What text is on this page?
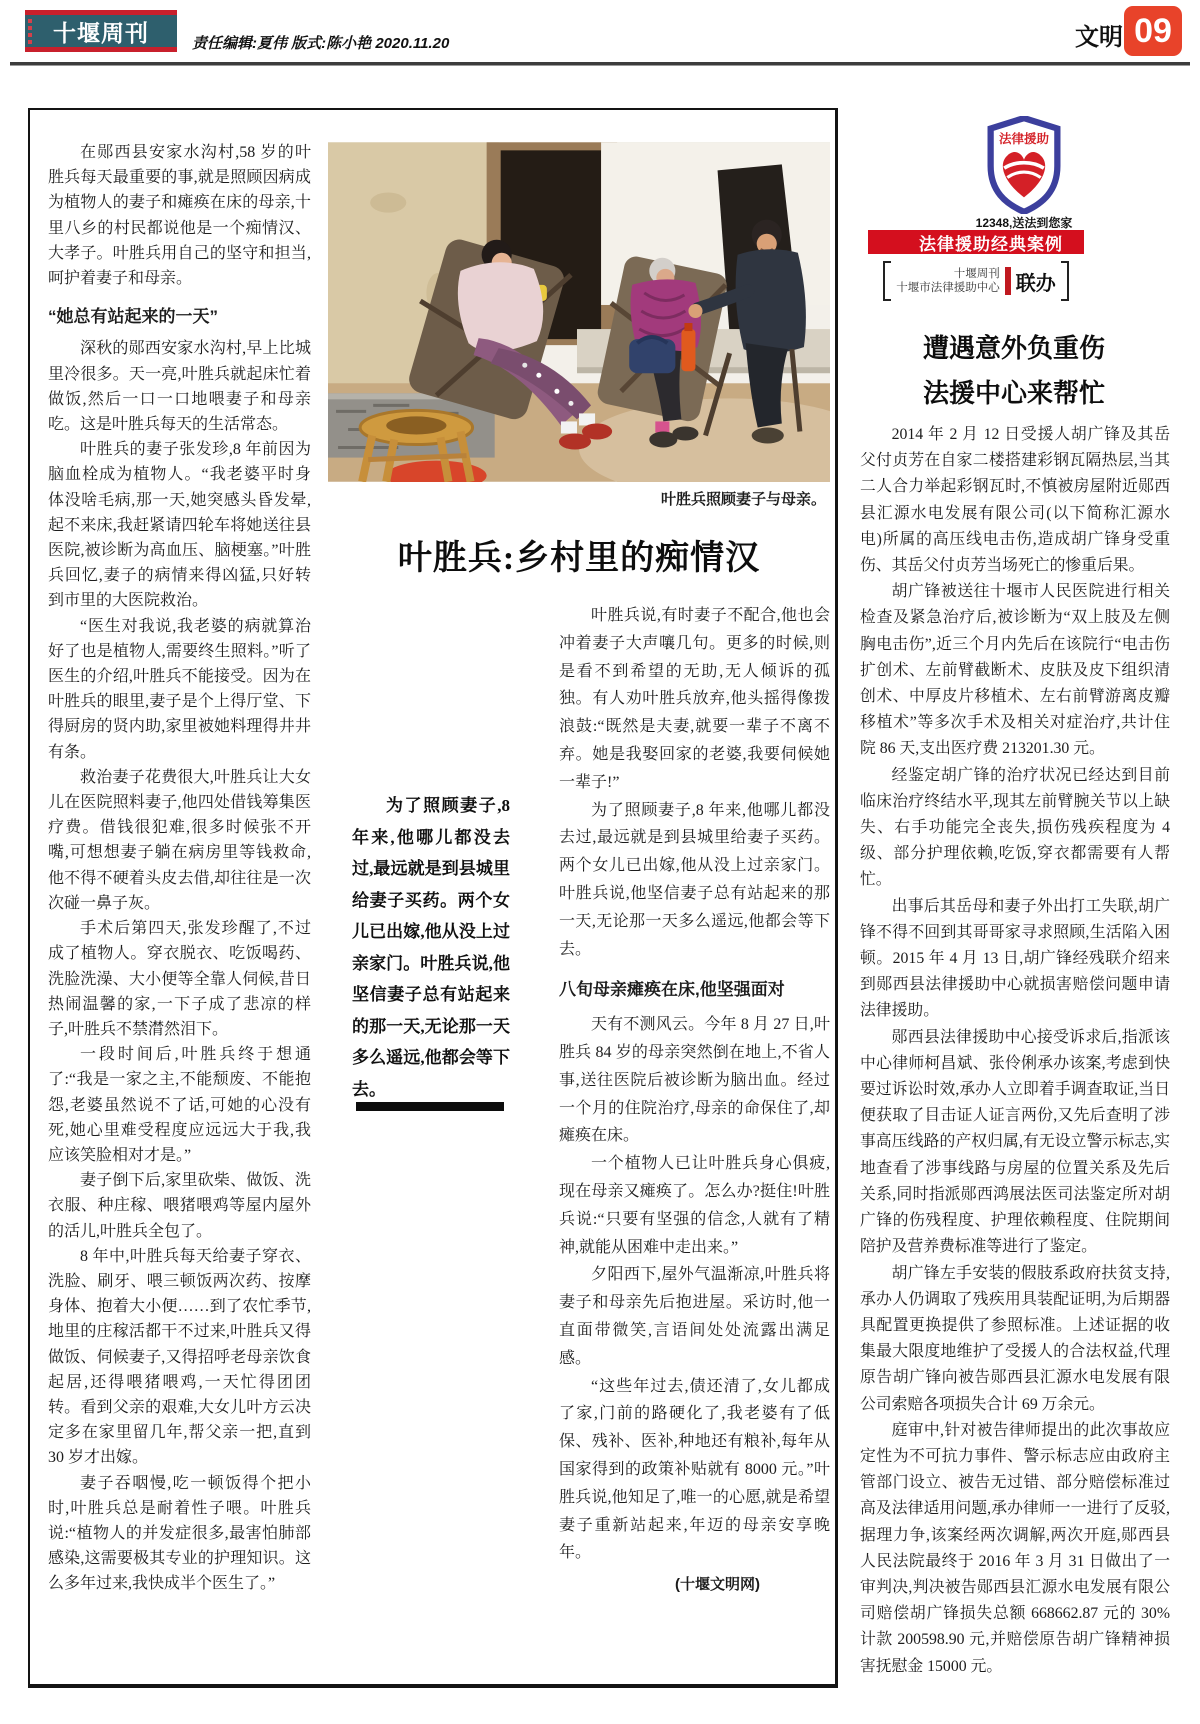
十堰周刊	责任编辑:夏伟 版式:陈小艳 2020.11.20	文明 09

在郧西县安家水沟村,58 岁的叶胜兵每天最重要的事,就是照顾因病成为植物人的妻子和瘫痪在床的母亲,十里八乡的村民都说他是一个痴情汉、大孝子。叶胜兵用自己的坚守和担当,呵护着妻子和母亲。

“她总有站起来的一天”

深秋的郧西安家水沟村,早上比城里冷很多。天一亮,叶胜兵就起床忙着做饭,然后一口一口地喂妻子和母亲吃。这是叶胜兵每天的生活常态。

叶胜兵的妻子张发珍,8 年前因为脑血栓成为植物人。“我老婆平时身体没啥毛病,那一天,她突感头昏发晕,起不来床,我赶紧请四轮车将她送往县医院,被诊断为高血压、脑梗塞。”叶胜兵回忆,妻子的病情来得凶猛,只好转到市里的大医院救治。

“医生对我说,我老婆的病就算治好了也是植物人,需要终生照料。”听了医生的介绍,叶胜兵不能接受。因为在叶胜兵的眼里,妻子是个上得厅堂、下得厨房的贤内助,家里被她料理得井井有条。

救治妻子花费很大,叶胜兵让大女儿在医院照料妻子,他四处借钱筹集医疗费。借钱很犯难,很多时候张不开嘴,可想想妻子躺在病房里等钱救命,他不得不硬着头皮去借,却往往是一次次碰一鼻子灰。

手术后第四天,张发珍醒了,不过成了植物人。穿衣脱衣、吃饭喝药、洗脸洗澡、大小便等全靠人伺候,昔日热闹温馨的家,一下子成了悲凉的样子,叶胜兵不禁潸然泪下。

一段时间后,叶胜兵终于想通了:“我是一家之主,不能颓废、不能抱怨,老婆虽然说不了话,可她的心没有死,她心里难受程度应远远大于我,我应该笑脸相对才是。”

妻子倒下后,家里砍柴、做饭、洗衣服、种庄稼、喂猪喂鸡等屋内屋外的活儿,叶胜兵全包了。

8 年中,叶胜兵每天给妻子穿衣、洗脸、刷牙、喂三顿饭两次药、按摩身体、抱着大小便……到了农忙季节,地里的庄稼活都干不过来,叶胜兵又得做饭、伺候妻子,又得招呼老母亲饮食起居,还得喂猪喂鸡,一天忙得团团转。看到父亲的艰难,大女儿叶方云决定多在家里留几年,帮父亲一把,直到 30 岁才出嫁。

妻子吞咽慢,吃一顿饭得个把小时,叶胜兵总是耐着性子喂。叶胜兵说:“植物人的并发症很多,最害怕肺部感染,这需要极其专业的护理知识。这么多年过来,我快成半个医生了。”

叶胜兵照顾妻子与母亲。
叶胜兵:乡村里的痴情汉
为了照顾妻子,8 年来,他哪儿都没去过,最远就是到县城里给妻子买药。两个女儿已出嫁,他从没上过亲家门。叶胜兵说,他坚信妻子总有站起来的那一天,无论那一天多么遥远,他都会等下去。

叶胜兵说,有时妻子不配合,他也会冲着妻子大声嚷几句。更多的时候,则是看不到希望的无助,无人倾诉的孤独。有人劝叶胜兵放弃,他头摇得像拨浪鼓:“既然是夫妻,就要一辈子不离不弃。她是我娶回家的老婆,我要伺候她一辈子!”

为了照顾妻子,8 年来,他哪儿都没去过,最远就是到县城里给妻子买药。两个女儿已出嫁,他从没上过亲家门。叶胜兵说,他坚信妻子总有站起来的那一天,无论那一天多么遥远,他都会等下去。

八旬母亲瘫痪在床,他坚强面对

天有不测风云。今年 8 月 27 日,叶胜兵 84 岁的母亲突然倒在地上,不省人事,送往医院后被诊断为脑出血。经过一个月的住院治疗,母亲的命保住了,却瘫痪在床。

一个植物人已让叶胜兵身心俱疲,现在母亲又瘫痪了。怎么办?挺住!叶胜兵说:“只要有坚强的信念,人就有了精神,就能从困难中走出来。”

夕阳西下,屋外气温渐凉,叶胜兵将妻子和母亲先后抱进屋。采访时,他一直面带微笑,言语间处处流露出满足感。

“这些年过去,债还清了,女儿都成了家,门前的路硬化了,我老婆有了低保、残补、医补,种地还有粮补,每年从国家得到的政策补贴就有 8000 元。”叶胜兵说,他知足了,唯一的心愿,就是希望妻子重新站起来,年迈的母亲安享晚年。

(十堰文明网)

法律援助
12348,送法到您家
法律援助经典案例
十堰周刊
十堰市法律援助中心 联办
遭遇意外负重伤
法援中心来帮忙

2014 年 2 月 12 日受援人胡广锋及其岳父付贞芳在自家二楼搭建彩钢瓦隔热层,当其二人合力举起彩钢瓦时,不慎被房屋附近郧西县汇源水电发展有限公司(以下简称汇源水电)所属的高压线电击伤,造成胡广锋身受重伤、其岳父付贞芳当场死亡的惨重后果。

胡广锋被送往十堰市人民医院进行相关检查及紧急治疗后,被诊断为“双上肢及左侧胸电击伤”,近三个月内先后在该院行“电击伤扩创术、左前臂截断术、皮肤及皮下组织清创术、中厚皮片移植术、左右前臂游离皮瓣移植术”等多次手术及相关对症治疗,共计住院 86 天,支出医疗费 213201.30 元。

经鉴定胡广锋的治疗状况已经达到目前临床治疗终结水平,现其左前臂腕关节以上缺失、右手功能完全丧失,损伤残疾程度为 4 级、部分护理依赖,吃饭,穿衣都需要有人帮忙。

出事后其岳母和妻子外出打工失联,胡广锋不得不回到其哥哥家寻求照顾,生活陷入困顿。2015 年 4 月 13 日,胡广锋经残联介绍来到郧西县法律援助中心就损害赔偿问题申请法律援助。

郧西县法律援助中心接受诉求后,指派该中心律师柯昌斌、张伶俐承办该案,考虑到快要过诉讼时效,承办人立即着手调查取证,当日便获取了目击证人证言两份,又先后查明了涉事高压线路的产权归属,有无设立警示标志,实地查看了涉事线路与房屋的位置关系及先后关系,同时指派郧西鸿展法医司法鉴定所对胡广锋的伤残程度、护理依赖程度、住院期间陪护及营养费标准等进行了鉴定。

胡广锋左手安装的假肢系政府扶贫支持,承办人仍调取了残疾用具装配证明,为后期器具配置更换提供了参照标准。上述证据的收集最大限度地维护了受援人的合法权益,代理原告胡广锋向被告郧西县汇源水电发展有限公司索赔各项损失合计 69 万余元。

庭审中,针对被告律师提出的此次事故应定性为不可抗力事件、警示标志应由政府主管部门设立、被告无过错、部分赔偿标准过高及法律适用问题,承办律师一一进行了反驳,据理力争,该案经两次调解,两次开庭,郧西县人民法院最终于 2016 年 3 月 31 日做出了一审判决,判决被告郧西县汇源水电发展有限公司赔偿胡广锋损失总额 668662.87 元的 30%计款 200598.90 元,并赔偿原告胡广锋精神损害抚慰金 15000 元。
